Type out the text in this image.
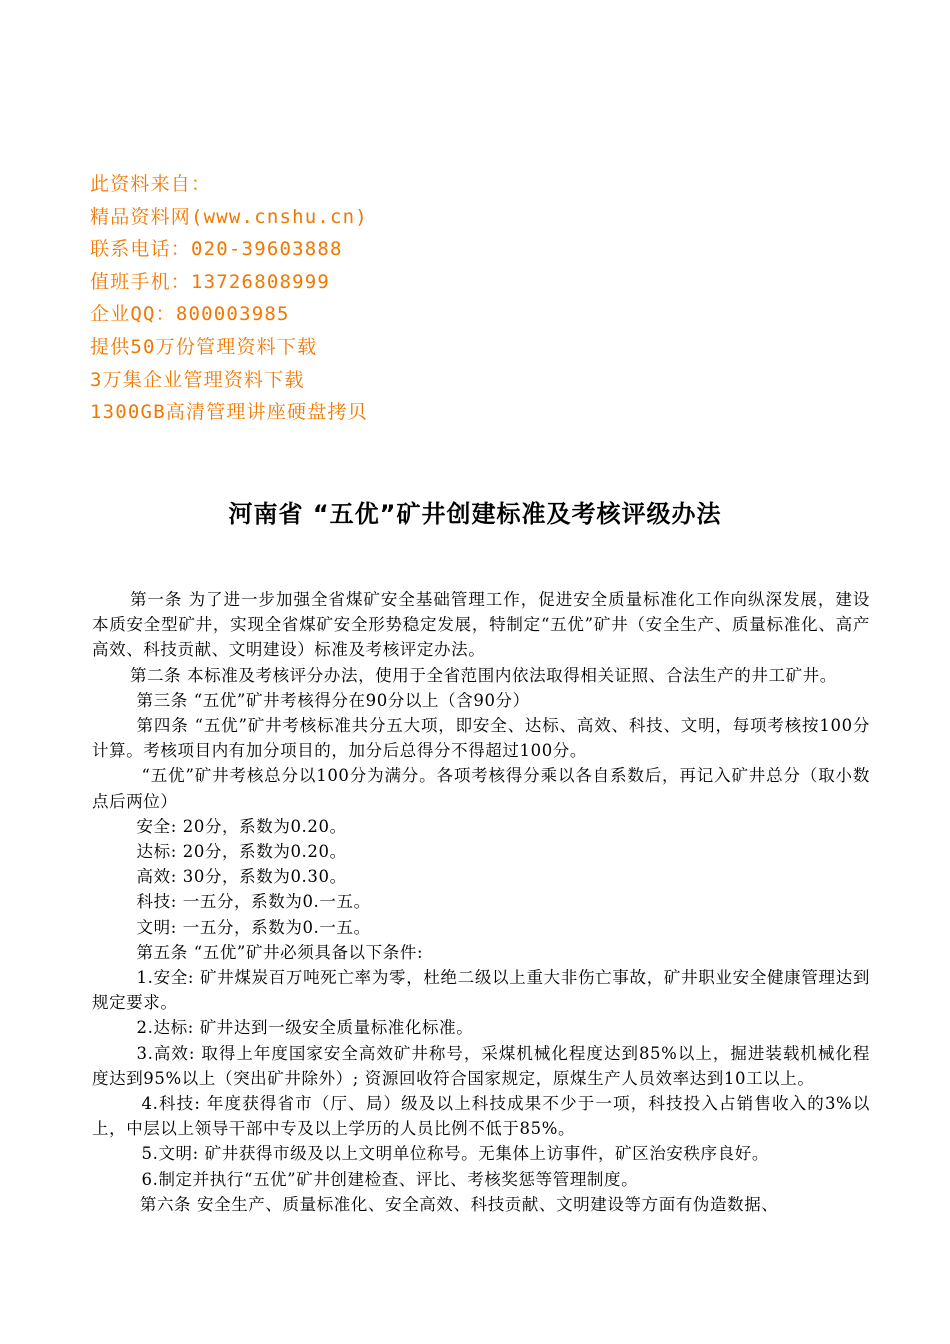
此资料来自：
精品资料网(www.cnshu.cn)
联系电话：020-39603888
值班手机：13726808999
企业QQ：800003985
提供50万份管理资料下载
3万集企业管理资料下载
1300GB高清管理讲座硬盘拷贝
河南省 “五优”矿井创建标准及考核评级办法

第一条 为了进一步加强全省煤矿安全基础管理工作，促进安全质量标准化工作向纵深发展，建设本质安全型矿井，实现全省煤矿安全形势稳定发展，特制定“五优”矿井（安全生产、质量标准化、高产高效、科技贡献、文明建设）标准及考核评定办法。

第二条 本标准及考核评分办法，使用于全省范围内依法取得相关证照、合法生产的井工矿井。

第三条 “五优”矿井考核得分在90分以上（含90分）

第四条 “五优”矿井考核标准共分五大项，即安全、达标、高效、科技、文明，每项考核按100分计算。考核项目内有加分项目的，加分后总得分不得超过100分。

“五优”矿井考核总分以100分为满分。各项考核得分乘以各自系数后，再记入矿井总分（取小数点后两位）

安全: 20分，系数为0.20。

达标: 20分，系数为0.20。

高效: 30分，系数为0.30。

科技: 一五分，系数为0.一五。

文明: 一五分，系数为0.一五。

第五条 “五优”矿井必须具备以下条件:

1.安全: 矿井煤炭百万吨死亡率为零，杜绝二级以上重大非伤亡事故，矿井职业安全健康管理达到规定要求。

2.达标: 矿井达到一级安全质量标准化标准。

3.高效: 取得上年度国家安全高效矿井称号，采煤机械化程度达到85%以上，掘进装载机械化程度达到95%以上（突出矿井除外）; 资源回收符合国家规定，原煤生产人员效率达到10工以上。

4.科技: 年度获得省市（厅、局）级及以上科技成果不少于一项，科技投入占销售收入的3%以上，中层以上领导干部中专及以上学历的人员比例不低于85%。

5.文明: 矿井获得市级及以上文明单位称号。无集体上访事件，矿区治安秩序良好。

6.制定并执行“五优”矿井创建检查、评比、考核奖惩等管理制度。

第六条 安全生产、质量标准化、安全高效、科技贡献、文明建设等方面有伪造数据、
